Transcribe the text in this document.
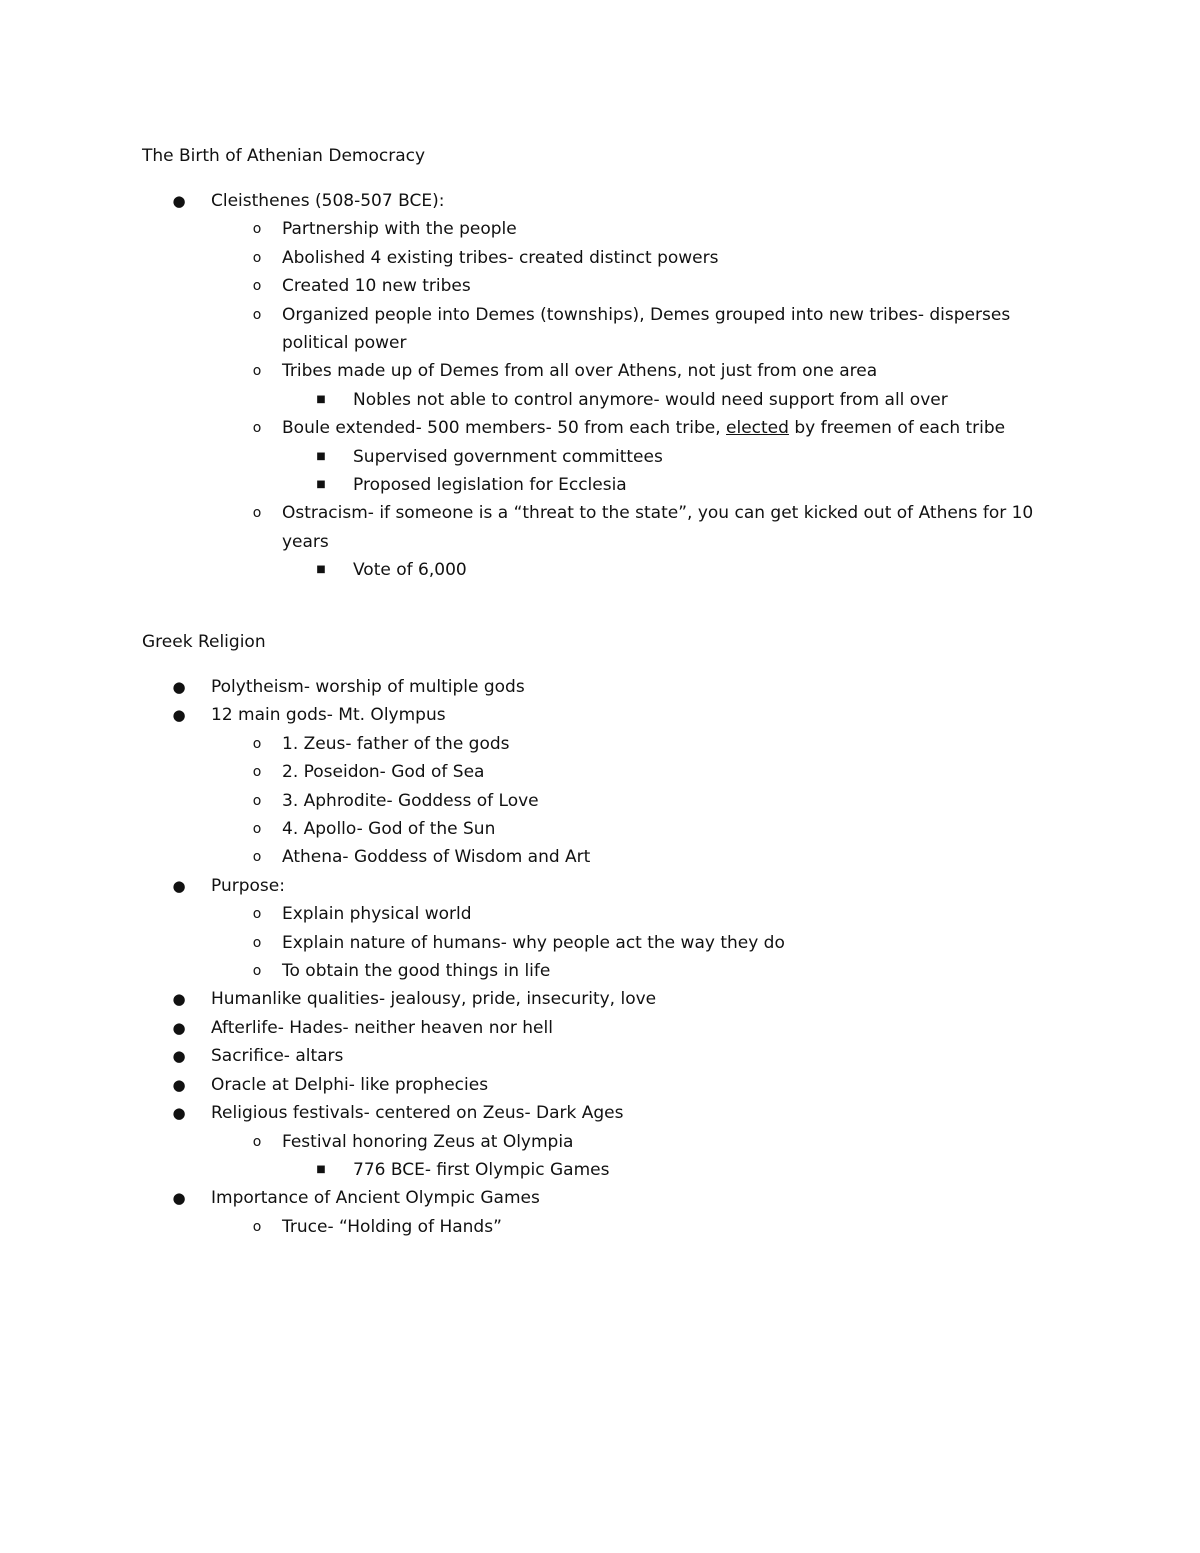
The Birth of Athenian Democracy
● Cleisthenes (508-507 BCE):
o Partnership with the people
o Abolished 4 existing tribes- created distinct powers
o Created 10 new tribes
o Organized people into Demes (townships), Demes grouped into new tribes- disperses political power
o Tribes made up of Demes from all over Athens, not just from one area
■ Nobles not able to control anymore- would need support from all over
o Boule extended- 500 members- 50 from each tribe, elected by freemen of each tribe
■ Supervised government committees
■ Proposed legislation for Ecclesia
o Ostracism- if someone is a “threat to the state”, you can get kicked out of Athens for 10 years
■ Vote of 6,000
Greek Religion
● Polytheism- worship of multiple gods
● 12 main gods- Mt. Olympus
o 1. Zeus- father of the gods
o 2. Poseidon- God of Sea
o 3. Aphrodite- Goddess of Love
o 4. Apollo- God of the Sun
o Athena- Goddess of Wisdom and Art
● Purpose:
o Explain physical world
o Explain nature of humans- why people act the way they do
o To obtain the good things in life
● Humanlike qualities- jealousy, pride, insecurity, love
● Afterlife- Hades- neither heaven nor hell
● Sacrifice- altars
● Oracle at Delphi- like prophecies
● Religious festivals- centered on Zeus- Dark Ages
o Festival honoring Zeus at Olympia
■ 776 BCE- first Olympic Games
● Importance of Ancient Olympic Games
o Truce- “Holding of Hands”
